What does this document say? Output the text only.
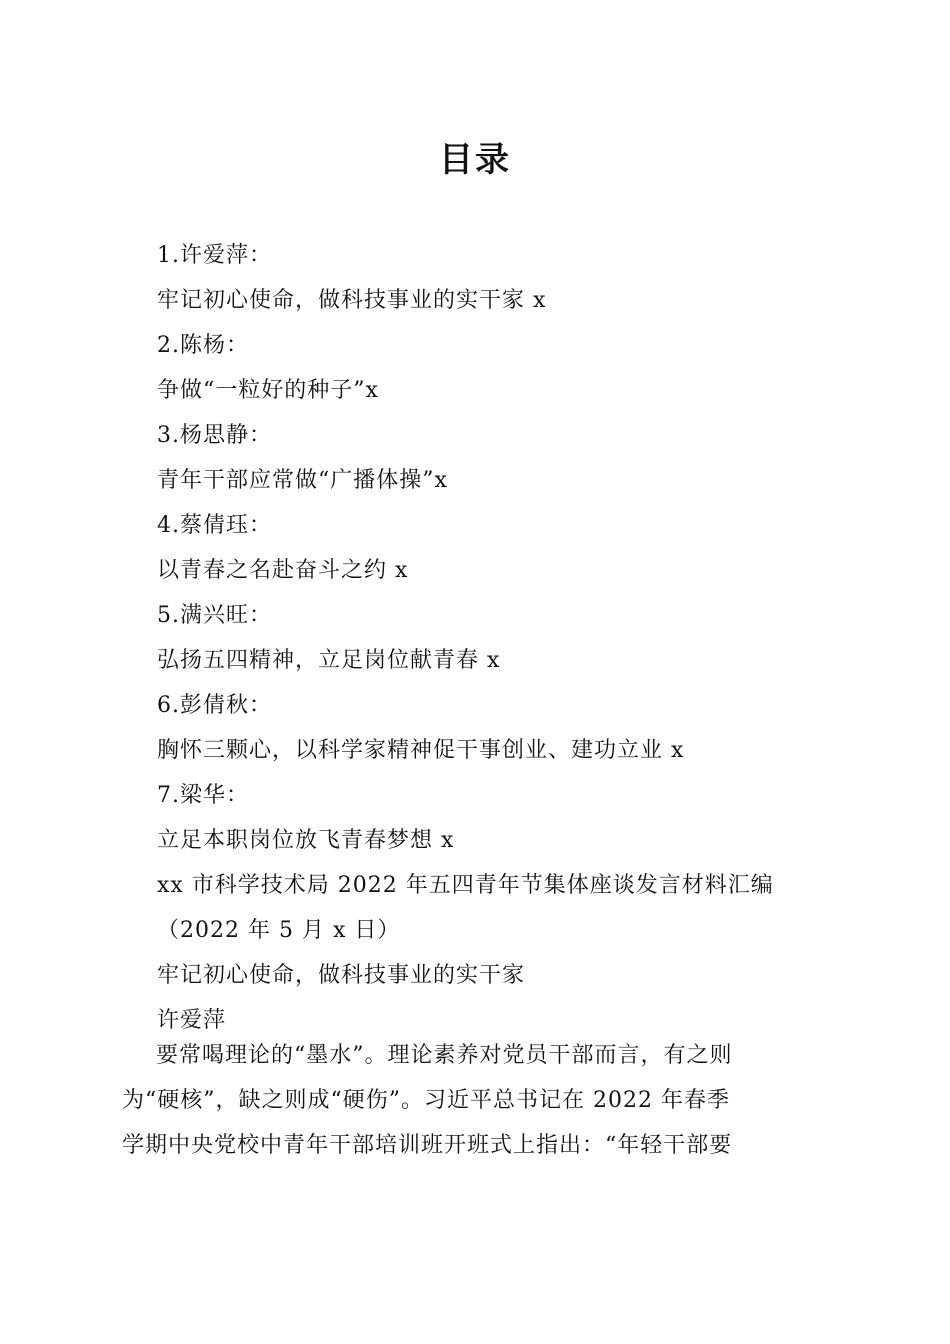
目录
1.许爱萍：
牢记初心使命，做科技事业的实干家 x
2.陈杨：
争做“一粒好的种子”x
3.杨思静：
青年干部应常做“广播体操”x
4.蔡倩珏：
以青春之名赴奋斗之约 x
5.满兴旺：
弘扬五四精神，立足岗位献青春 x
6.彭倩秋：
胸怀三颗心，以科学家精神促干事创业、建功立业 x
7.梁华：
立足本职岗位放飞青春梦想 x
xx 市科学技术局 2022 年五四青年节集体座谈发言材料汇编
（2022 年 5 月 x 日）
牢记初心使命，做科技事业的实干家
许爱萍
要常喝理论的“墨水”。理论素养对党员干部而言，有之则
为“硬核”，缺之则成“硬伤”。习近平总书记在 2022 年春季
学期中央党校中青年干部培训班开班式上指出：“年轻干部要
